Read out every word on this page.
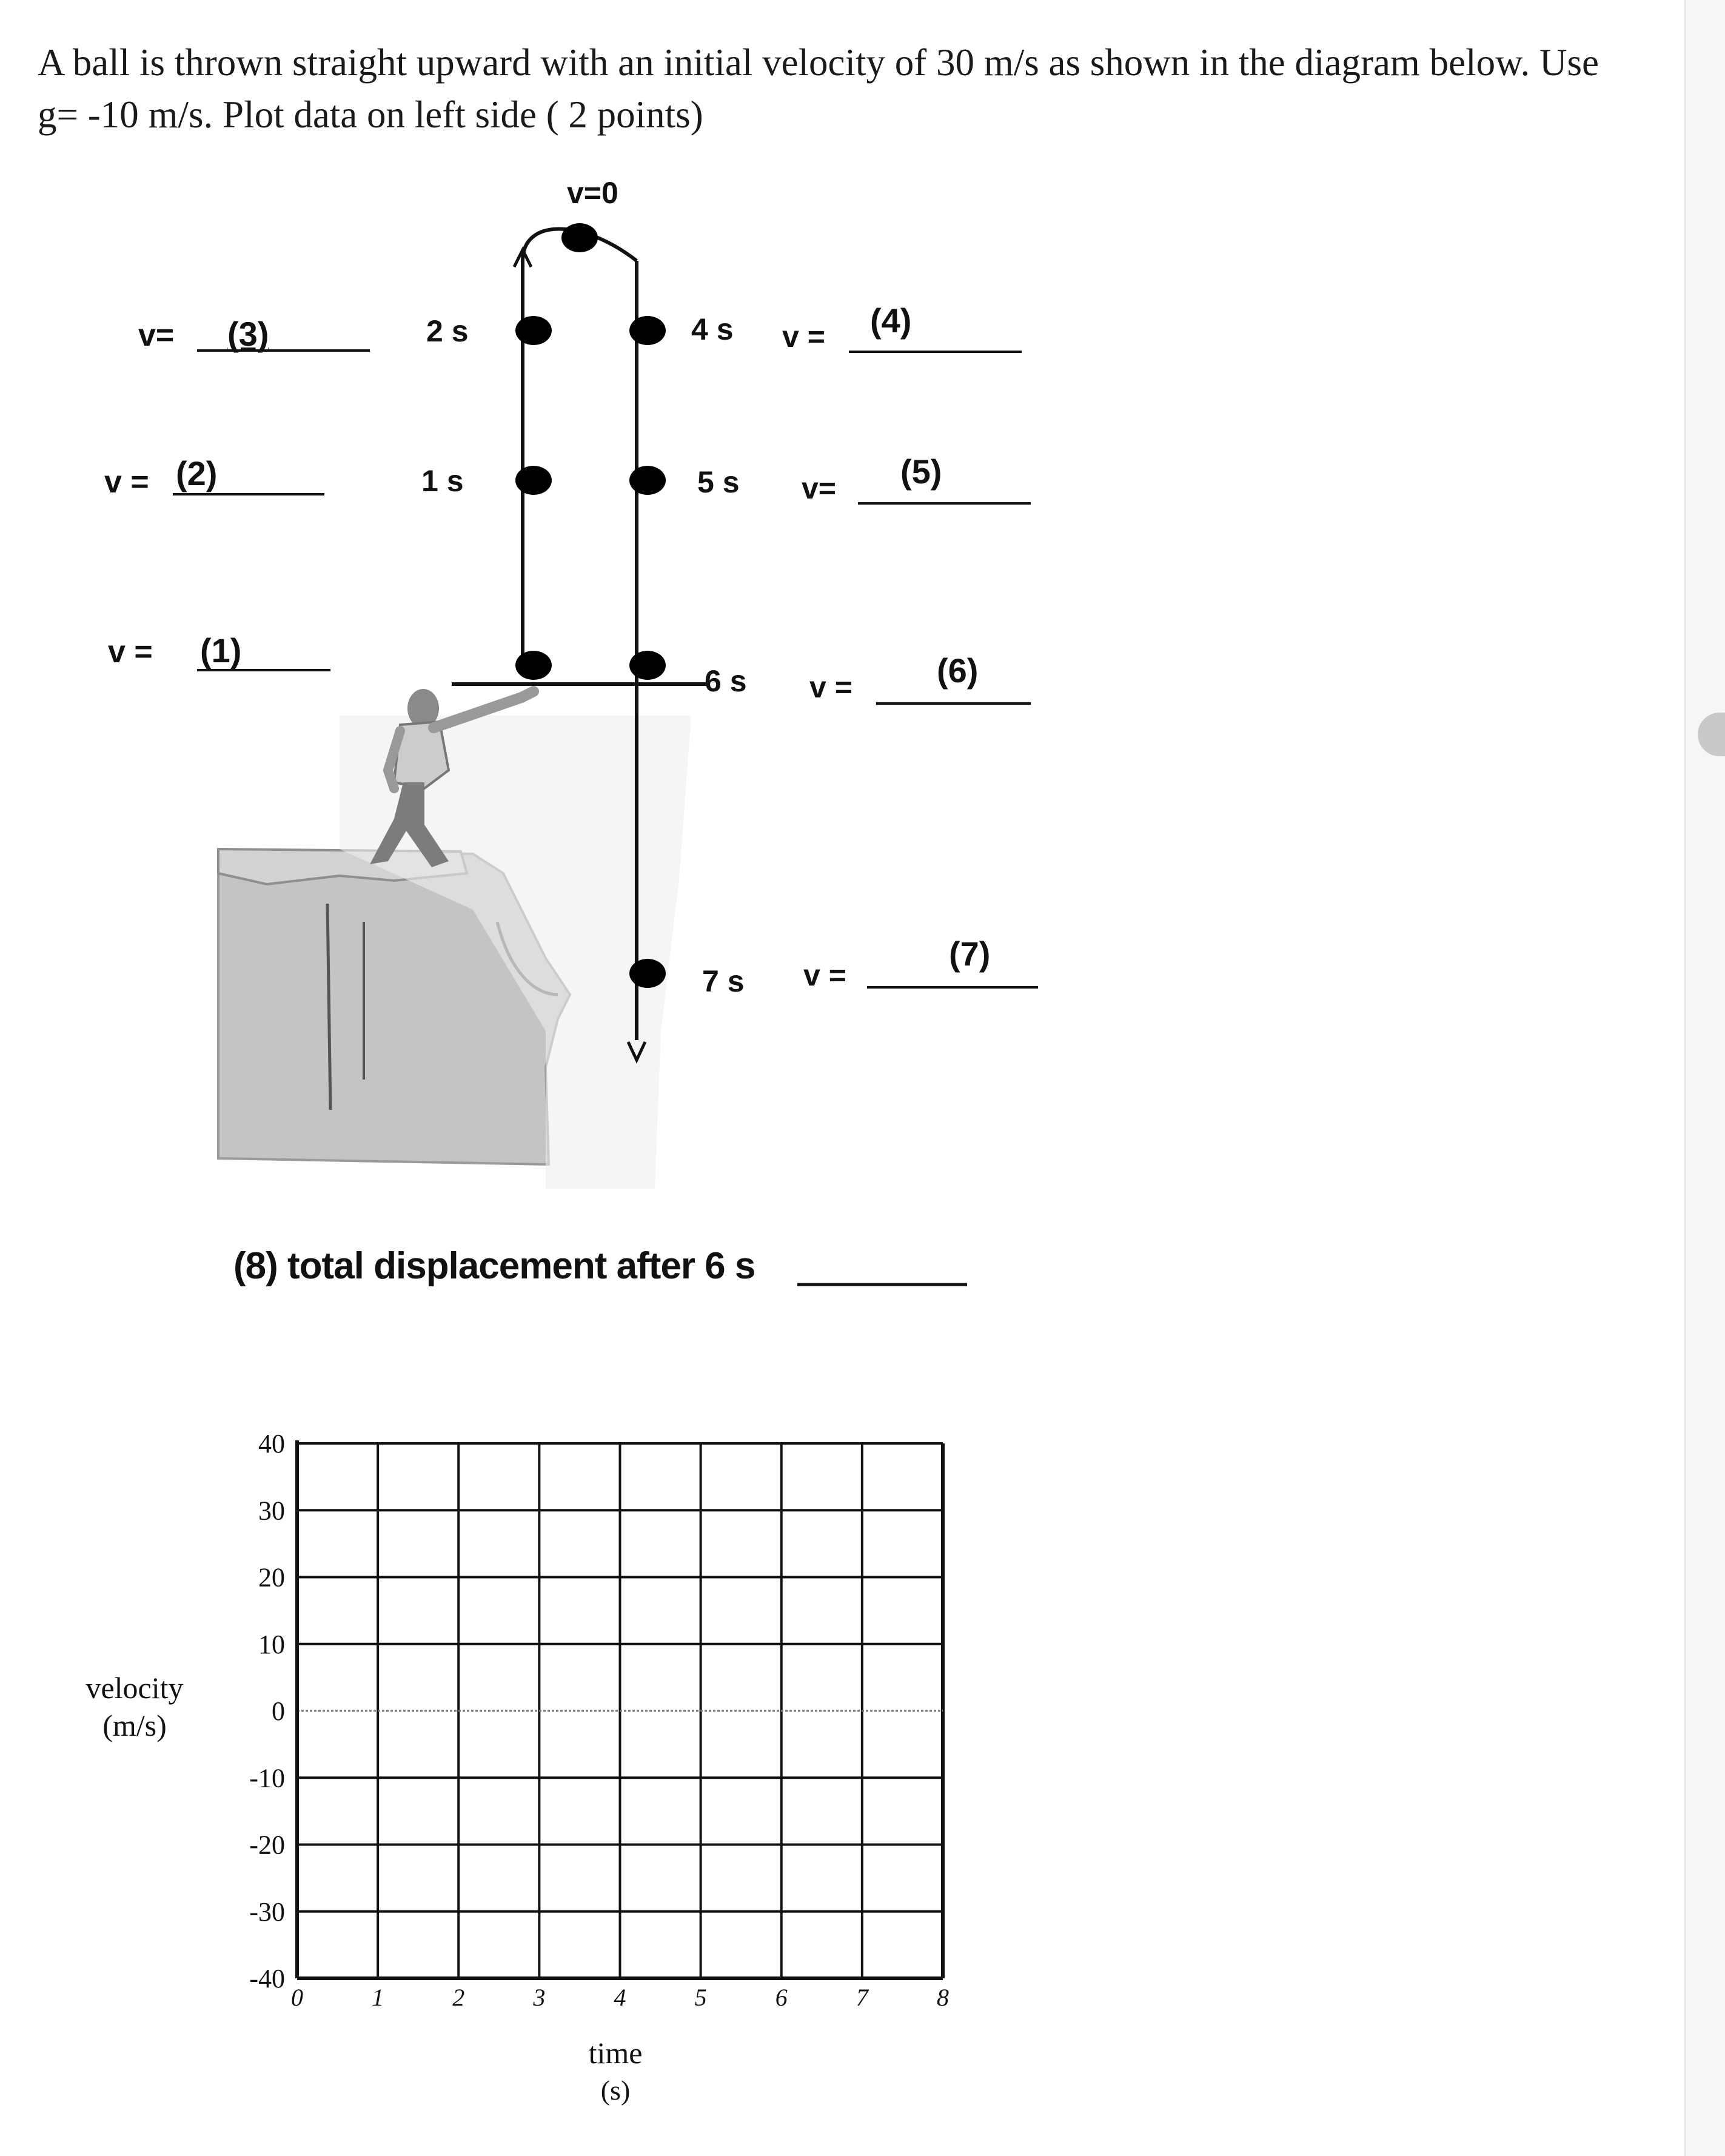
A ball is thrown straight upward with an initial velocity of 30 m/s as shown in the diagram below. Use
g= -10 m/s. Plot data on left side ( 2 points)
v=0
v= (3)
v = (2)
v = (1)
2 s
1 s
4 s v = (4)
5 s v= (5)
6 s v = (6)
7 s v =
(7)
(8) total displacement after 6 s
0	1	2	3	4	5	6	7	8
40
30
20
10
0
-10
-20
-30
-40
velocity
(m/s)
time
(s)
